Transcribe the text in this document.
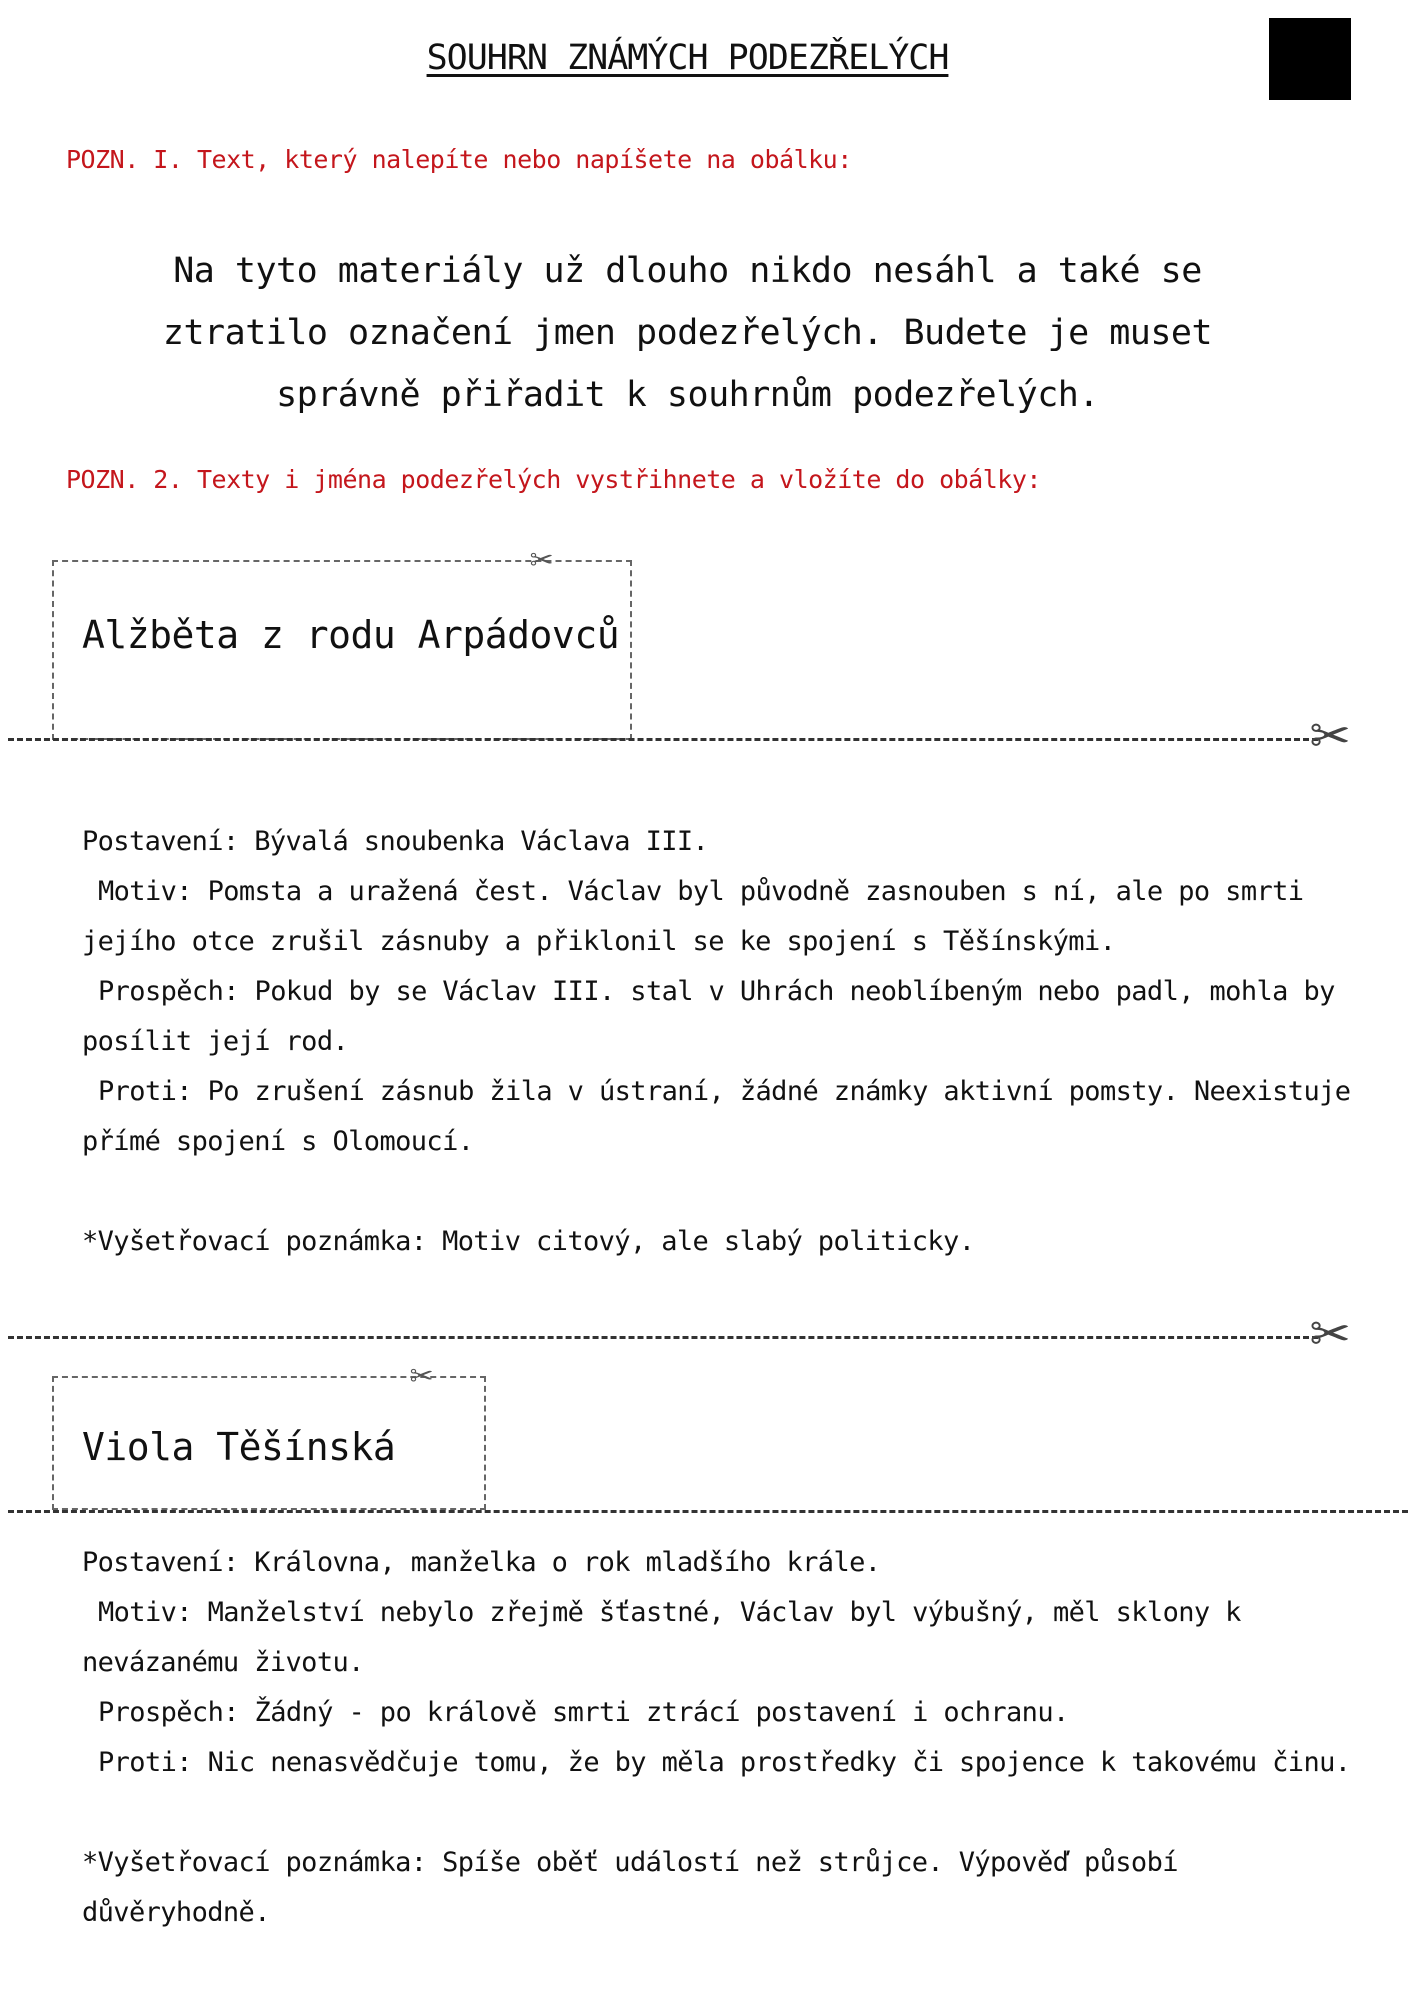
SOUHRN ZNÁMÝCH PODEZŘELÝCH
POZN. I. Text, který nalepíte nebo napíšete na obálku:
Na tyto materiály už dlouho nikdo nesáhl a také se
ztratilo označení jmen podezřelých. Budete je muset
správně přiřadit k souhrnům podezřelých.
POZN. 2. Texty i jména podezřelých vystřihnete a vložíte do obálky:
✂
Alžběta z rodu Arpádovců
✂

Postavení: Bývalá snoubenka Václava III.

Motiv: Pomsta a uražená čest. Václav byl původně zasnouben s ní, ale po smrti

jejího otce zrušil zásnuby a přiklonil se ke spojení s Těšínskými.

Prospěch: Pokud by se Václav III. stal v Uhrách neoblíbeným nebo padl, mohla by

posílit její rod.

Proti: Po zrušení zásnub žila v ústraní, žádné známky aktivní pomsty. Neexistuje

přímé spojení s Olomoucí.

*Vyšetřovací poznámka: Motiv citový, ale slabý politicky.

✂
✂
Viola Těšínská

Postavení: Královna, manželka o rok mladšího krále.

Motiv: Manželství nebylo zřejmě šťastné, Václav byl výbušný, měl sklony k

nevázanému životu.

Prospěch: Žádný - po králově smrti ztrácí postavení i ochranu.

Proti: Nic nenasvědčuje tomu, že by měla prostředky či spojence k takovému činu.

*Vyšetřovací poznámka: Spíše oběť událostí než strůjce. Výpověď působí

důvěryhodně.
